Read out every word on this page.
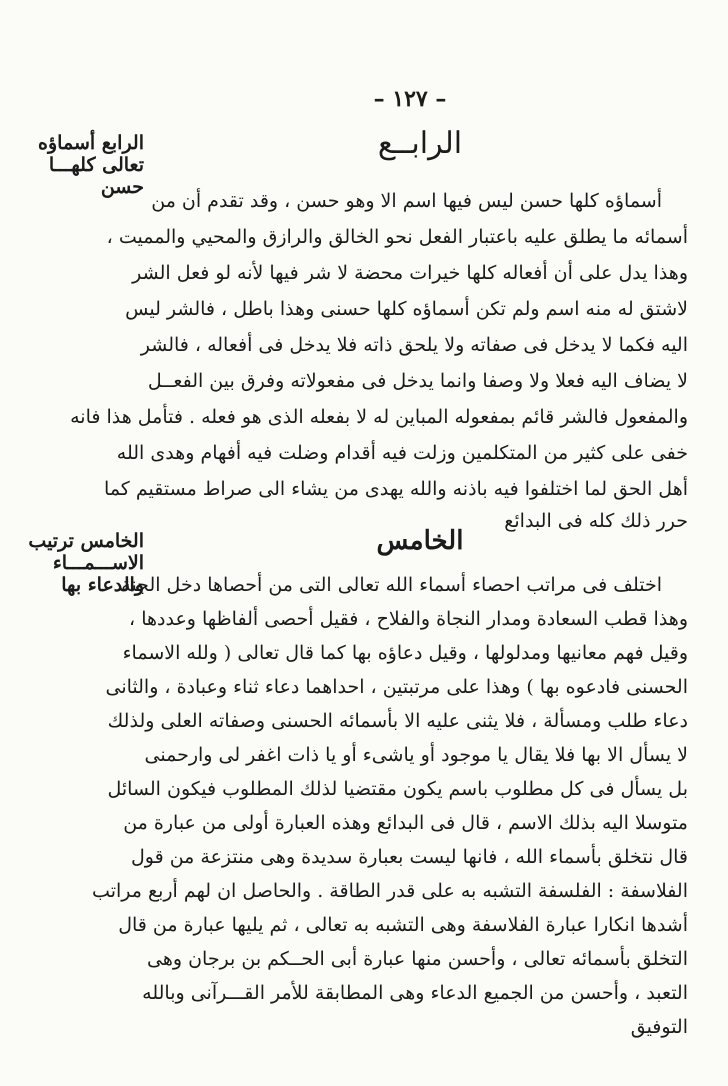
– ١٢٧ –
الرابع أسماؤه
تعالى كلهـــا
حسن
الرابــع
أسماؤه كلها حسن ليس فيها اسم الا وهو حسن ، وقد تقدم أن من
أسمائه ما يطلق عليه باعتبار الفعل نحو الخالق والرازق والمحيي والمميت ،
وهذا يدل على أن أفعاله كلها خيرات محضة لا شر فيها لأنه لو فعل الشر
لاشتق له منه اسم ولم تكن أسماؤه كلها حسنى وهذا باطل ، فالشر ليس
اليه فكما لا يدخل فى صفاته ولا يلحق ذاته فلا يدخل فى أفعاله ، فالشر
لا يضاف اليه فعلا ولا وصفا وانما يدخل فى مفعولاته وفرق بين الفعــل
والمفعول فالشر قائم بمفعوله المباين له لا بفعله الذى هو فعله . فتأمل هذا فانه
خفى على كثير من المتكلمين وزلت فيه أقدام وضلت فيه أفهام وهدى الله
أهل الحق لما اختلفوا فيه باذنه والله يهدى من يشاء الى صراط مستقيم كما
حرر ذلك كله فى البدائع
الخامس ترتيب
الاســـمـــاء
والدعاء بها
الخامس
اختلف فى مراتب احصاء أسماء الله تعالى التى من أحصاها دخل الجنة
وهذا قطب السعادة ومدار النجاة والفلاح ، فقيل أحصى ألفاظها وعددها ،
وقيل فهم معانيها ومدلولها ، وقيل دعاؤه بها كما قال تعالى ( ولله الاسماء
الحسنى فادعوه بها ) وهذا على مرتبتين ، احداهما دعاء ثناء وعبادة ، والثانى
دعاء طلب ومسألة ، فلا يثنى عليه الا بأسمائه الحسنى وصفاته العلى ولذلك
لا يسأل الا بها فلا يقال يا موجود أو ياشىء أو يا ذات اغفر لى وارحمنى
بل يسأل فى كل مطلوب باسم يكون مقتضيا لذلك المطلوب فيكون السائل
متوسلا اليه بذلك الاسم ، قال فى البدائع وهذه العبارة أولى من عبارة من
قال نتخلق بأسماء الله ، فانها ليست بعبارة سديدة وهى منتزعة من قول
الفلاسفة : الفلسفة التشبه به على قدر الطاقة . والحاصل ان لهم أربع مراتب
أشدها انكارا عبارة الفلاسفة وهى التشبه به تعالى ، ثم يليها عبارة من قال
التخلق بأسمائه تعالى ، وأحسن منها عبارة أبى الحــكم بن برجان وهى
التعبد ، وأحسن من الجميع الدعاء وهى المطابقة للأمر القـــرآنى وبالله
التوفيق
